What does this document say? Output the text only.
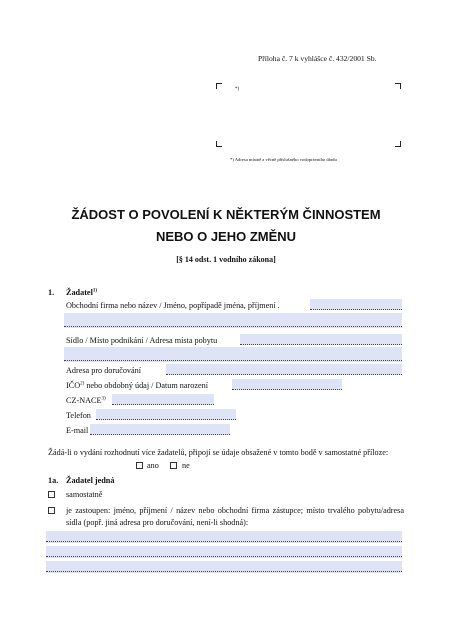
Příloha č. 7 k vyhlášce č. 432/2001 Sb.
*)
*) Adresa místně a věcně příslušného vodoprávního úřadu
ŽÁDOST O POVOLENÍ K NĚKTERÝM ČINNOSTEM
NEBO O JEHO ZMĚNU
[§ 14 odst. 1 vodního zákona]
1. Žadatel$^{1)}$
Obchodní firma nebo název / Jméno, popřípadě jména, příjmení .
Sídlo / Místo podnikání / Adresa místa pobytu
Adresa pro doručování
IČO$^{2)}$ nebo obdobný údaj / Datum narození
CZ-NACE$^{3)}$
Telefon
E-mail
Žádá-li o vydání rozhodnutí více žadatelů, připojí se údaje obsažené v tomto bodě v samostatné příloze:
ano	ne
1a. Žadatel jedná
samostatně
je zastoupen: jméno, příjmení / název nebo obchodní firma zástupce; místo trvalého pobytu/adresa sídla (popř. jiná adresa pro doručování, není-li shodná):
